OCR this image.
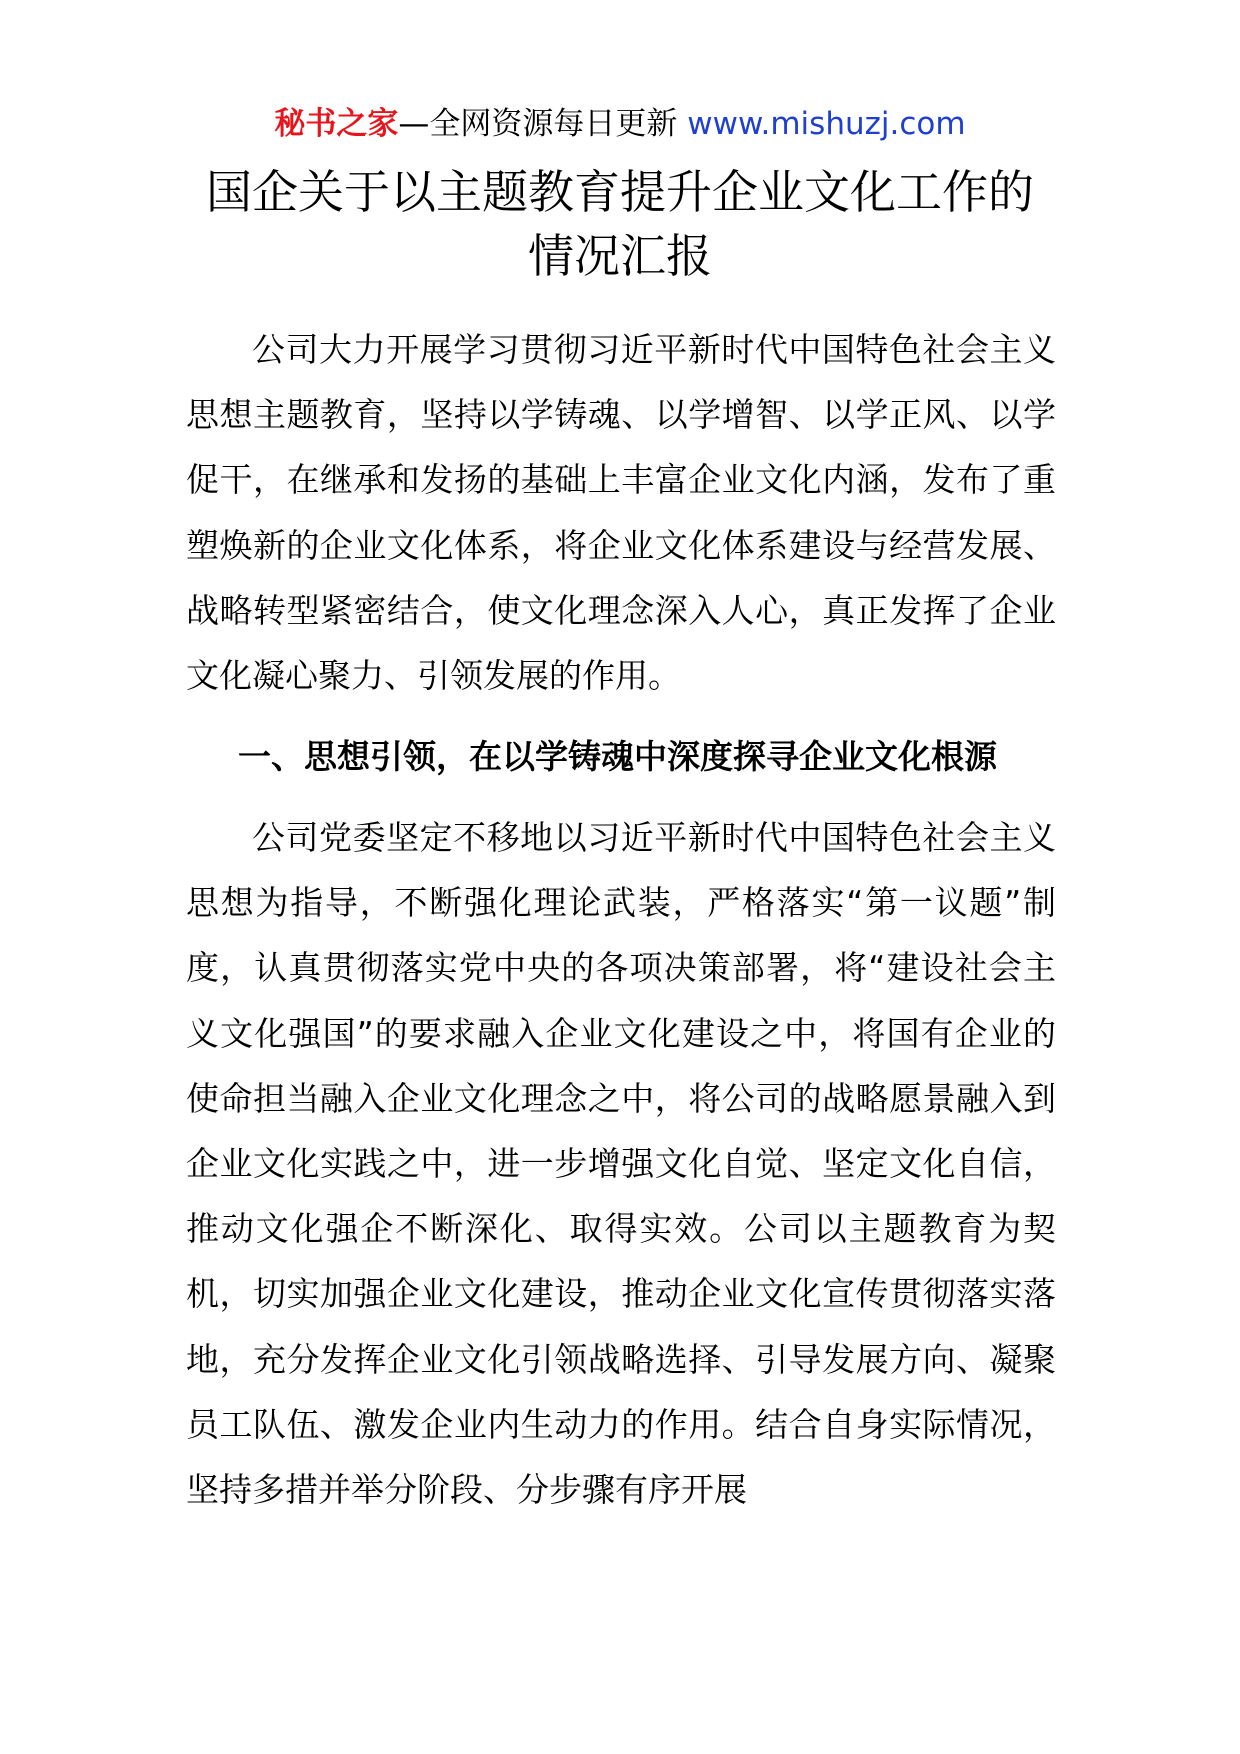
秘书之家—全网资源每日更新 www.mishuzj.com
国企关于以主题教育提升企业文化工作的
情况汇报
公司大力开展学习贯彻习近平新时代中国特色社会主义思想主题教育，坚持以学铸魂、以学增智、以学正风、以学促干，在继承和发扬的基础上丰富企业文化内涵，发布了重塑焕新的企业文化体系，将企业文化体系建设与经营发展、战略转型紧密结合，使文化理念深入人心，真正发挥了企业文化凝心聚力、引领发展的作用。
一、思想引领，在以学铸魂中深度探寻企业文化根源
公司党委坚定不移地以习近平新时代中国特色社会主义思想为指导，不断强化理论武装，严格落实“第一议题”制度，认真贯彻落实党中央的各项决策部署，将“建设社会主义文化强国”的要求融入企业文化建设之中，将国有企业的使命担当融入企业文化理念之中，将公司的战略愿景融入到企业文化实践之中，进一步增强文化自觉、坚定文化自信，推动文化强企不断深化、取得实效。公司以主题教育为契机，切实加强企业文化建设，推动企业文化宣传贯彻落实落地，充分发挥企业文化引领战略选择、引导发展方向、凝聚员工队伍、激发企业内生动力的作用。结合自身实际情况，坚持多措并举分阶段、分步骤有序开展
